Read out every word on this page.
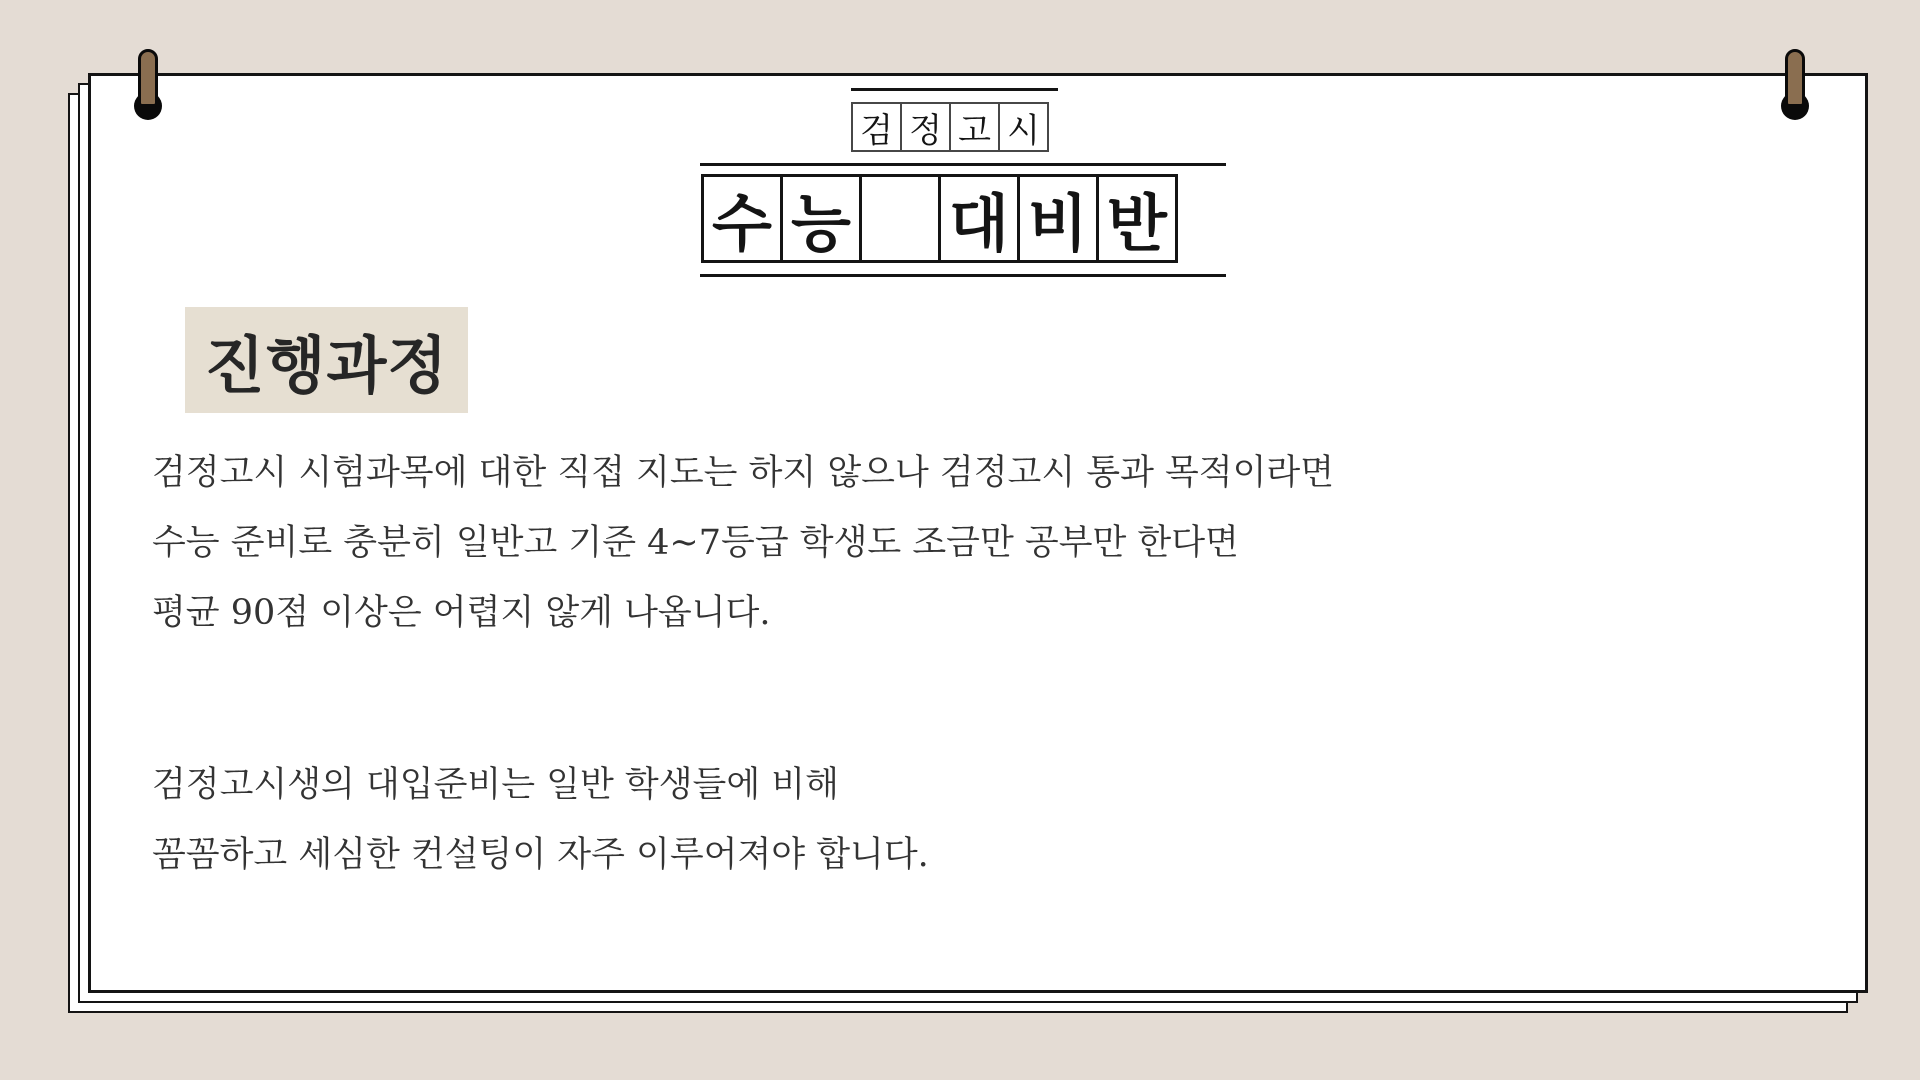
검 정 고 시
수 능 대 비 반
진행과정
검정고시 시험과목에 대한 직접 지도는 하지 않으나 검정고시 통과 목적이라면
수능 준비로 충분히 일반고 기준 4~7등급 학생도 조금만 공부만 한다면
평균 90점 이상은 어렵지 않게 나옵니다.
검정고시생의 대입준비는 일반 학생들에 비해
꼼꼼하고 세심한 컨설팅이 자주 이루어져야 합니다.
